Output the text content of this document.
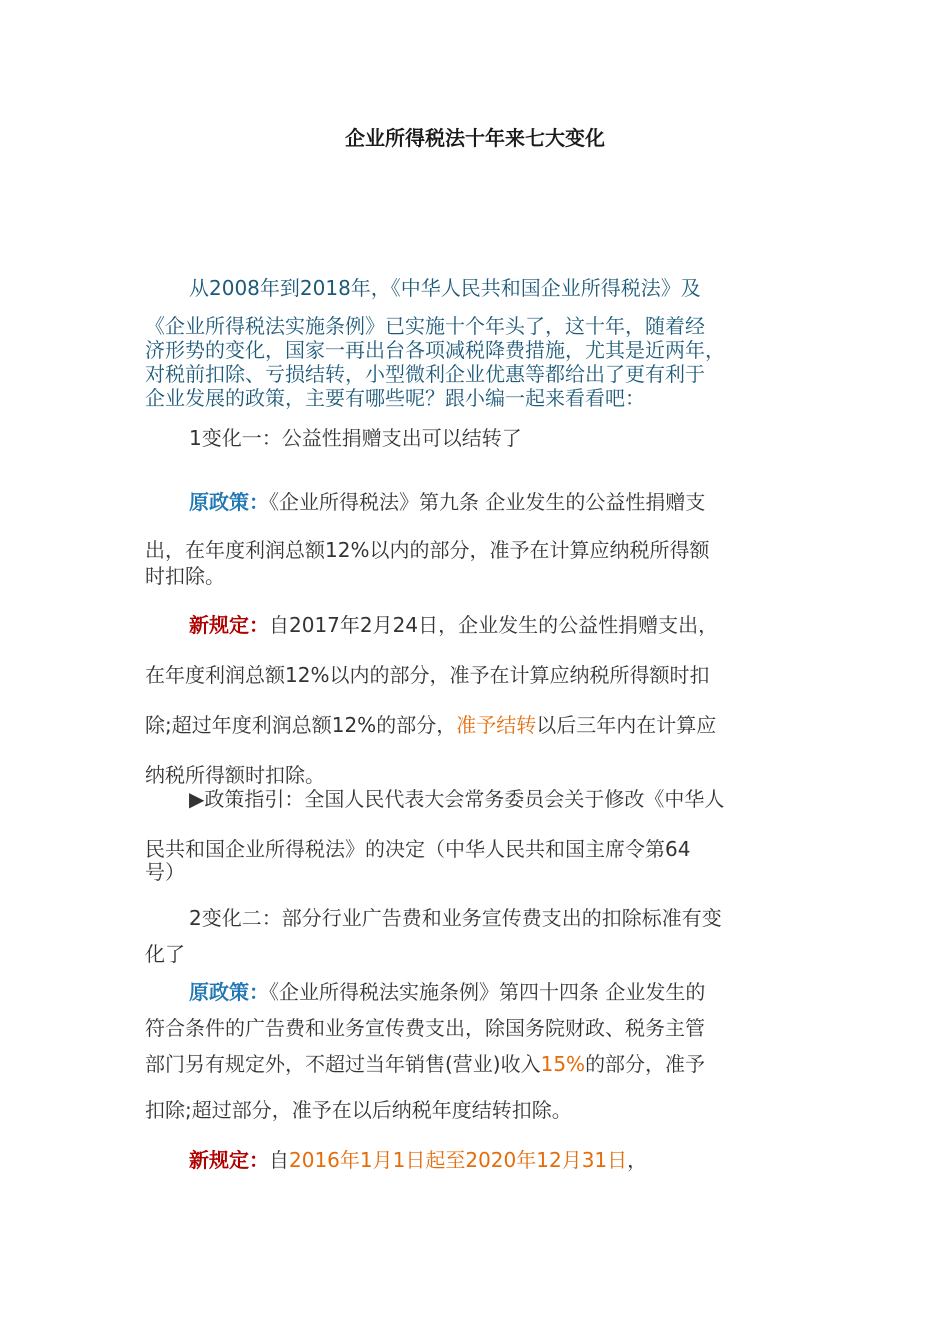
企业所得税法十年来七大变化
从2008年到2018年，《中华人民共和国企业所得税法》及
《企业所得税法实施条例》已实施十个年头了，这十年，随着经
济形势的变化，国家一再出台各项减税降费措施，尤其是近两年，
对税前扣除、亏损结转，小型微利企业优惠等都给出了更有利于
企业发展的政策，主要有哪些呢？跟小编一起来看看吧：
1变化一：公益性捐赠支出可以结转了
原政策：《企业所得税法》第九条 企业发生的公益性捐赠支
出，在年度利润总额12%以内的部分，准予在计算应纳税所得额
时扣除。
新规定：自2017年2月24日，企业发生的公益性捐赠支出，
在年度利润总额12%以内的部分，准予在计算应纳税所得额时扣
除;超过年度利润总额12%的部分，准予结转以后三年内在计算应
纳税所得额时扣除。
▶政策指引：全国人民代表大会常务委员会关于修改《中华人
民共和国企业所得税法》的决定（中华人民共和国主席令第64
号）
2变化二：部分行业广告费和业务宣传费支出的扣除标准有变
化了
原政策：《企业所得税法实施条例》第四十四条 企业发生的
符合条件的广告费和业务宣传费支出，除国务院财政、税务主管
部门另有规定外，不超过当年销售(营业)收入15%的部分，准予
扣除;超过部分，准予在以后纳税年度结转扣除。
新规定：自2016年1月1日起至2020年12月31日，
